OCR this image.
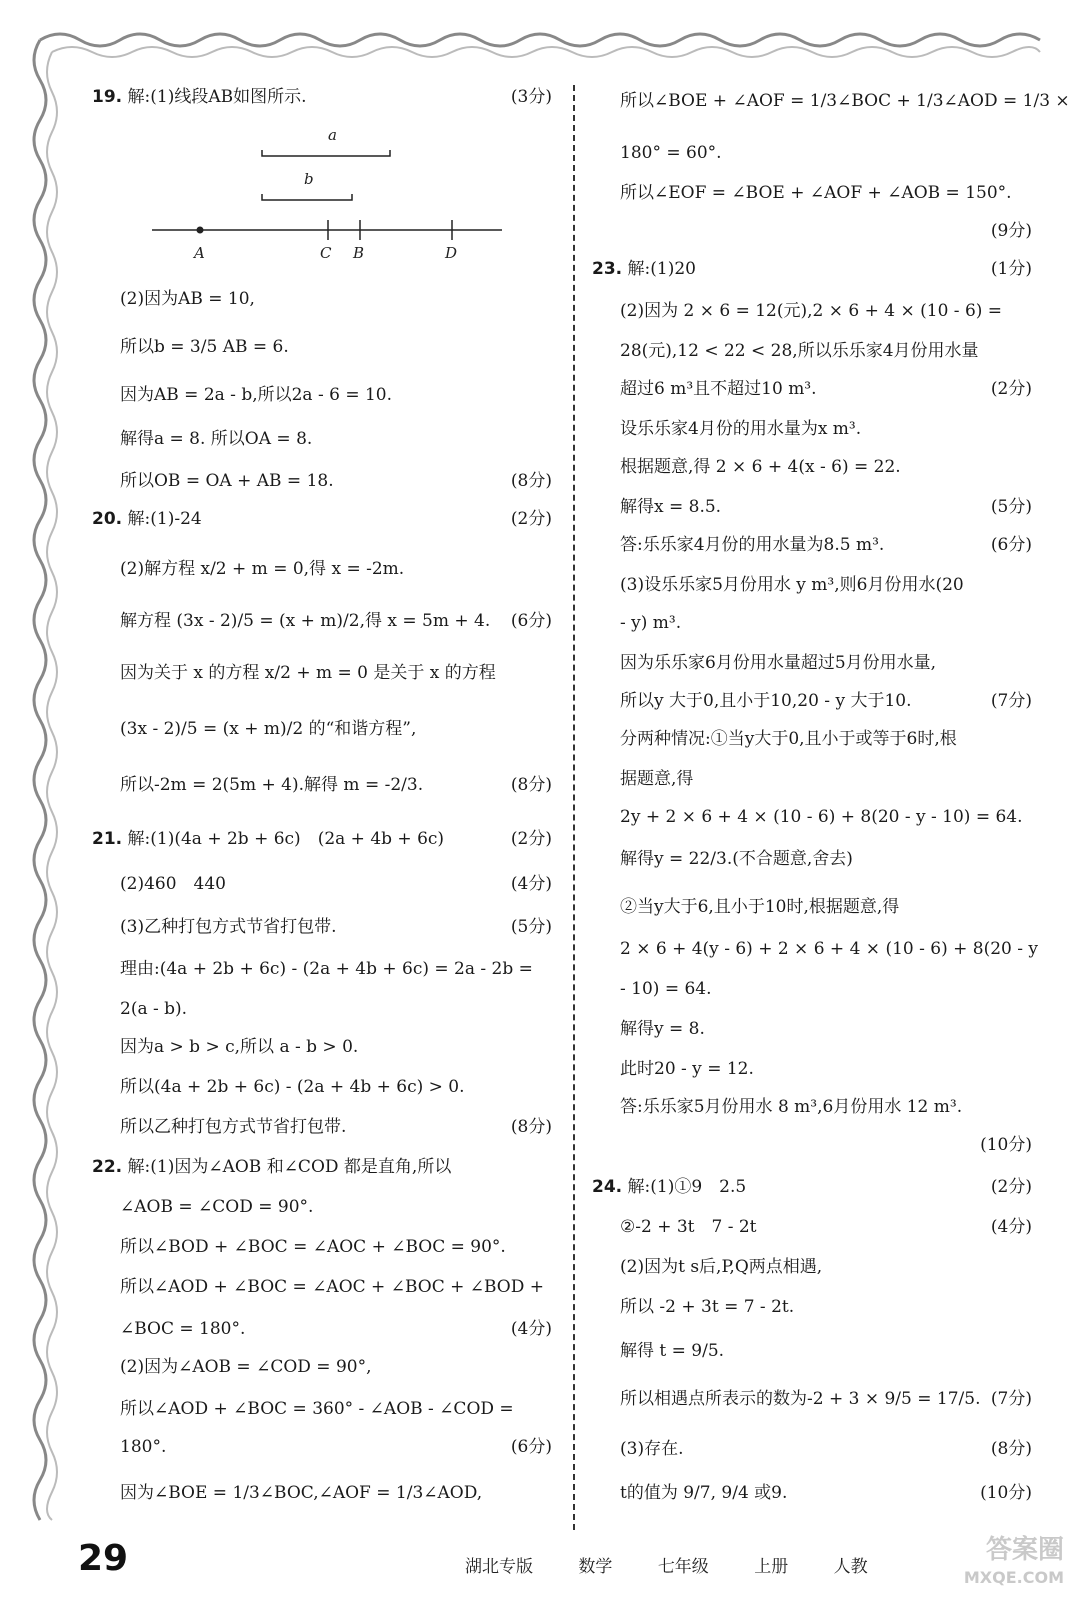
a
b
A	C B	D
19. 解:(1)线段AB如图所示.	(3分)
(2)因为AB = 10,
所以b = 3/5 AB = 6.
因为AB = 2a - b,所以2a - 6 = 10.
解得a = 8. 所以OA = 8.
所以OB = OA + AB = 18.	(8分)
20. 解:(1)-24	(2分)
(2)解方程 x/2 + m = 0,得 x = -2m.
解方程 (3x - 2)/5 = (x + m)/2,得 x = 5m + 4. (6分)
因为关于 x 的方程 x/2 + m = 0 是关于 x 的方程
(3x - 2)/5 = (x + m)/2 的“和谐方程”,
所以-2m = 2(5m + 4).解得 m = -2/3.	(8分)
21. 解:(1)(4a + 2b + 6c)　(2a + 4b + 6c)	(2分)
(2)460　440	(4分)
(3)乙种打包方式节省打包带.	(5分)
理由:(4a + 2b + 6c) - (2a + 4b + 6c) = 2a - 2b =
2(a - b).
因为a > b > c,所以 a - b > 0.
所以(4a + 2b + 6c) - (2a + 4b + 6c) > 0.
所以乙种打包方式节省打包带.	(8分)
22. 解:(1)因为∠AOB 和∠COD 都是直角,所以
∠AOB = ∠COD = 90°.
所以∠BOD + ∠BOC = ∠AOC + ∠BOC = 90°.
所以∠AOD + ∠BOC = ∠AOC + ∠BOC + ∠BOD +
∠BOC = 180°.	(4分)
(2)因为∠AOB = ∠COD = 90°,
所以∠AOD + ∠BOC = 360° - ∠AOB - ∠COD =
180°.	(6分)
因为∠BOE = 1/3∠BOC,∠AOF = 1/3∠AOD,
所以∠BOE + ∠AOF = 1/3∠BOC + 1/3∠AOD = 1/3 ×
180° = 60°.
所以∠EOF = ∠BOE + ∠AOF + ∠AOB = 150°.
(9分)
23. 解:(1)20	(1分)
(2)因为 2 × 6 = 12(元),2 × 6 + 4 × (10 - 6) =
28(元),12 < 22 < 28,所以乐乐家4月份用水量
超过6 m³且不超过10 m³.	(2分)
设乐乐家4月份的用水量为x m³.
根据题意,得 2 × 6 + 4(x - 6) = 22.
解得x = 8.5.	(5分)
答:乐乐家4月份的用水量为8.5 m³.	(6分)
(3)设乐乐家5月份用水 y m³,则6月份用水(20
- y) m³.
因为乐乐家6月份用水量超过5月份用水量,
所以y 大于0,且小于10,20 - y 大于10.	(7分)
分两种情况:①当y大于0,且小于或等于6时,根
据题意,得
2y + 2 × 6 + 4 × (10 - 6) + 8(20 - y - 10) = 64.
解得y = 22/3.(不合题意,舍去)
②当y大于6,且小于10时,根据题意,得
2 × 6 + 4(y - 6) + 2 × 6 + 4 × (10 - 6) + 8(20 - y
- 10) = 64.
解得y = 8.
此时20 - y = 12.
答:乐乐家5月份用水 8 m³,6月份用水 12 m³.
(10分)
24. 解:(1)①9　2.5	(2分)
②-2 + 3t　7 - 2t	(4分)
(2)因为t s后,P,Q两点相遇,
所以 -2 + 3t = 7 - 2t.
解得 t = 9/5.
所以相遇点所表示的数为-2 + 3 × 9/5 = 17/5. (7分)
(3)存在.	(8分)
t的值为 9/7, 9/4 或9.	(10分)
29	湖北专版	数学	七年级	上册	人教
答案圈
MXQE.COM
